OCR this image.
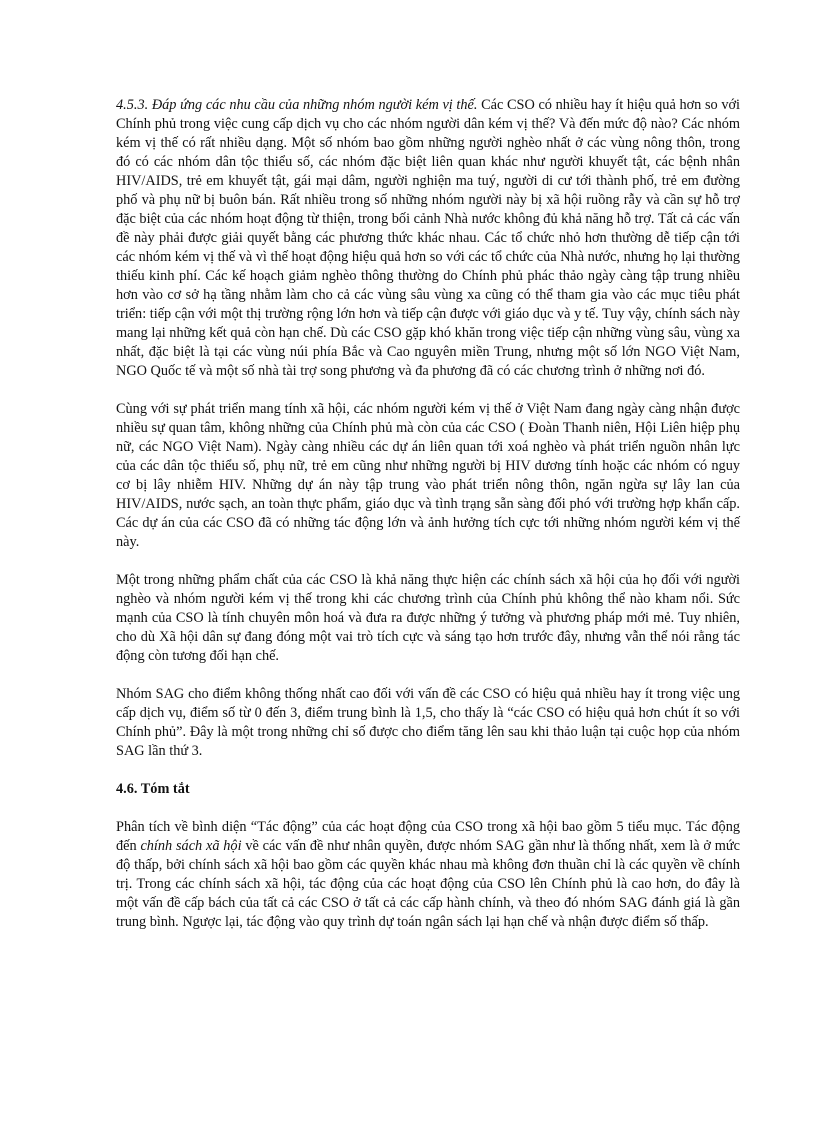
4.5.3. Đáp ứng các nhu cầu của những nhóm người kém vị thế. Các CSO có nhiều hay ít hiệu quả hơn so với Chính phủ trong việc cung cấp dịch vụ cho các nhóm người dân kém vị thế? Và đến mức độ nào? Các nhóm kém vị thế có rất nhiều dạng. Một số nhóm bao gồm những người nghèo nhất ở các vùng nông thôn, trong đó có các nhóm dân tộc thiểu số, các nhóm đặc biệt liên quan khác như người khuyết tật, các bệnh nhân HIV/AIDS, trẻ em khuyết tật, gái mại dâm, người nghiện ma tuý, người di cư tới thành phố, trẻ em đường phố và phụ nữ bị buôn bán. Rất nhiều trong số những nhóm người này bị xã hội ruồng rẫy và cần sự hỗ trợ đặc biệt của các nhóm hoạt động từ thiện, trong bối cảnh Nhà nước không đủ khả năng hỗ trợ. Tất cả các vấn đề này phải được giải quyết bằng các phương thức khác nhau. Các tổ chức nhỏ hơn thường dễ tiếp cận tới các nhóm kém vị thế và vì thế hoạt động hiệu quả hơn so với các tổ chức của Nhà nước, nhưng họ lại thường thiếu kinh phí. Các kế hoạch giảm nghèo thông thường do Chính phủ phác thảo ngày càng tập trung nhiều hơn vào cơ sở hạ tầng nhằm làm cho cả các vùng sâu vùng xa cũng có thể tham gia vào các mục tiêu phát triển: tiếp cận với một thị trường rộng lớn hơn và tiếp cận được với giáo dục và y tế. Tuy vậy, chính sách này mang lại những kết quả còn hạn chế. Dù các CSO gặp khó khăn trong việc tiếp cận những vùng sâu, vùng xa nhất, đặc biệt là tại các vùng núi phía Bắc và Cao nguyên miền Trung, nhưng một số lớn NGO Việt Nam, NGO Quốc tế và một số nhà tài trợ song phương và đa phương đã có các chương trình ở những nơi đó.

Cùng với sự phát triển mang tính xã hội, các nhóm người kém vị thế ở Việt Nam đang ngày càng nhận được nhiều sự quan tâm, không những của Chính phủ mà còn của các CSO ( Đoàn Thanh niên, Hội Liên hiệp phụ nữ, các NGO Việt Nam). Ngày càng nhiều các dự án liên quan tới xoá nghèo và phát triển nguồn nhân lực của các dân tộc thiểu số, phụ nữ, trẻ em cũng như những người bị HIV dương tính hoặc các nhóm có nguy cơ bị lây nhiễm HIV. Những dự án này tập trung vào phát triển nông thôn, ngăn ngừa sự lây lan của HIV/AIDS, nước sạch, an toàn thực phẩm, giáo dục và tình trạng sẵn sàng đối phó với trường hợp khẩn cấp. Các dự án của các CSO đã có những tác động lớn và ảnh hưởng tích cực tới những nhóm người kém vị thế này.

Một trong những phẩm chất của các CSO là khả năng thực hiện các chính sách xã hội của họ đối với người nghèo và nhóm người kém vị thế trong khi các chương trình của Chính phủ không thể nào kham nổi. Sức mạnh của CSO là tính chuyên môn hoá và đưa ra được những ý tưởng và phương pháp mới mẻ. Tuy nhiên, cho dù Xã hội dân sự đang đóng một vai trò tích cực và sáng tạo hơn trước đây, nhưng vẫn thể nói rằng tác động còn tương đối hạn chế.

Nhóm SAG cho điểm không thống nhất cao đối với vấn đề các CSO có hiệu quả nhiều hay ít trong việc ung cấp dịch vụ, điểm số từ 0 đến 3, điểm trung bình là 1,5, cho thấy là “các CSO có hiệu quả hơn chút ít so với Chính phủ”. Đây là một trong những chỉ số được cho điểm tăng lên sau khi thảo luận tại cuộc họp của nhóm SAG lần thứ 3.

4.6. Tóm tắt

Phân tích về bình diện “Tác động” của các hoạt động của CSO trong xã hội bao gồm 5 tiểu mục. Tác động đến chính sách xã hội về các vấn đề như nhân quyền, được nhóm SAG gần như là thống nhất, xem là ở mức độ thấp, bởi chính sách xã hội bao gồm các quyền khác nhau mà không đơn thuần chỉ là các quyền về chính trị. Trong các chính sách xã hội, tác động của các hoạt động của CSO lên Chính phủ là cao hơn, do đây là một vấn đề cấp bách của tất cả các CSO ở tất cả các cấp hành chính, và theo đó nhóm SAG đánh giá là gần trung bình. Ngược lại, tác động vào quy trình dự toán ngân sách lại hạn chế và nhận được điểm số thấp.
